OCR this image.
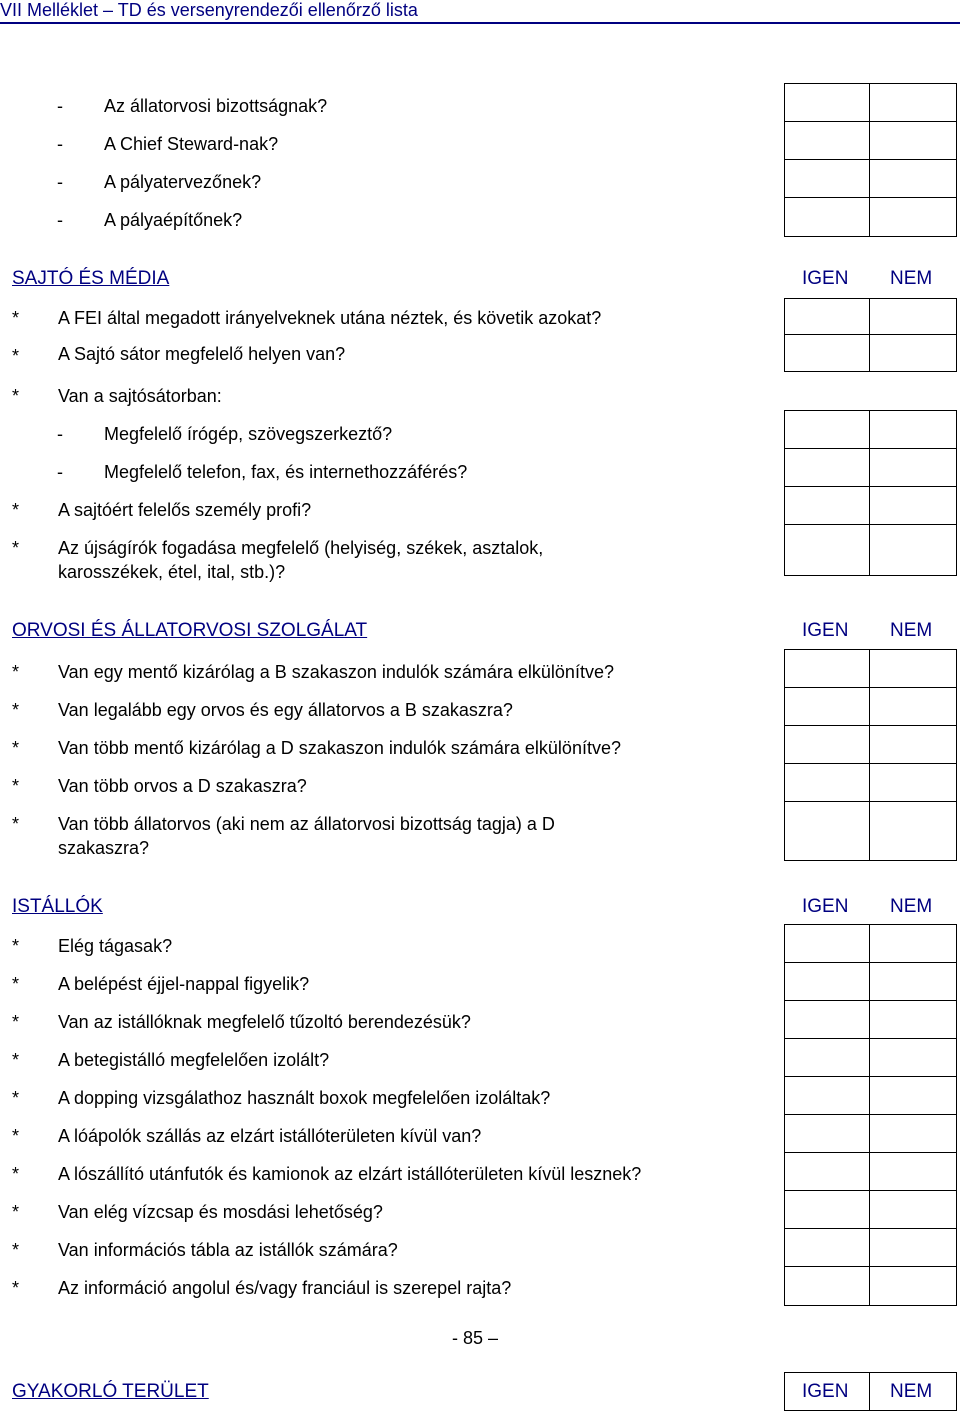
VII Melléklet – TD és versenyrendezői ellenőrző lista
- Az állatorvosi bizottságnak?
- A Chief Steward-nak?
- A pályatervezőnek?
- A pályaépítőnek?
SAJTÓ ÉS MÉDIA	IGEN NEM
* A FEI által megadott irányelveknek utána néztek, és követik azokat?
* A Sajtó sátor megfelelő helyen van?
* Van a sajtósátorban:
- Megfelelő írógép, szövegszerkeztő?
- Megfelelő telefon, fax, és internethozzáférés?
* A sajtóért felelős személy profi?
* Az újságírók fogadása megfelelő (helyiség, székek, asztalok,
karosszékek, étel, ital, stb.)?
ORVOSI ÉS ÁLLATORVOSI SZOLGÁLAT	IGEN NEM
* Van egy mentő kizárólag a B szakaszon indulók számára elkülönítve?
* Van legalább egy orvos és egy állatorvos a B szakaszra?
* Van több mentő kizárólag a D szakaszon indulók számára elkülönítve?
* Van több orvos a D szakaszra?
* Van több állatorvos (aki nem az állatorvosi bizottság tagja) a D
szakaszra?
ISTÁLLÓK	IGEN NEM
* Elég tágasak?
* A belépést éjjel-nappal figyelik?
* Van az istállóknak megfelelő tűzoltó berendezésük?
* A betegistálló megfelelően izolált?
* A dopping vizsgálathoz használt boxok megfelelően izoláltak?
* A lóápolók szállás az elzárt istállóterületen kívül van?
* A lószállító utánfutók és kamionok az elzárt istállóterületen kívül lesznek?
* Van elég vízcsap és mosdási lehetőség?
* Van információs tábla az istállók számára?
* Az információ angolul és/vagy franciául is szerepel rajta?
- 85 –
GYAKORLÓ TERÜLET	IGEN NEM
